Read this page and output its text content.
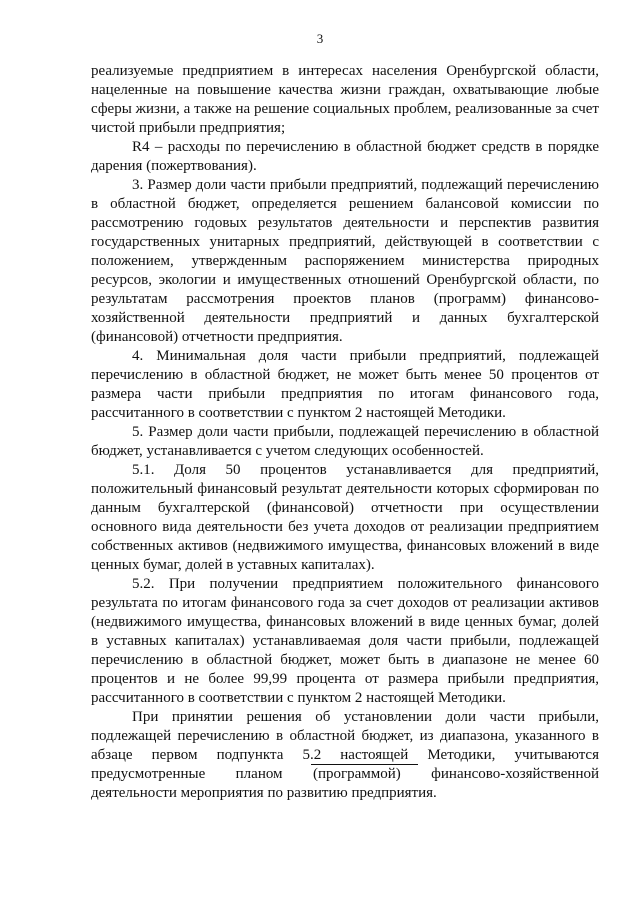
3

реализуемые предприятием в интересах населения Оренбургской области, нацеленные на повышение качества жизни граждан, охватывающие любые сферы жизни, а также на решение социальных проблем, реализованные за счет чистой прибыли предприятия;

R4 – расходы по перечислению в областной бюджет средств в порядке дарения (пожертвования).

3. Размер доли части прибыли предприятий, подлежащий перечислению в областной бюджет, определяется решением балансовой комиссии по рассмотрению годовых результатов деятельности и перспектив развития государственных унитарных предприятий, действующей в соответствии с положением, утвержденным распоряжением министерства природных ресурсов, экологии и имущественных отношений Оренбургской области, по результатам рассмотрения проектов планов (программ) финансово-хозяйственной деятельности предприятий и данных бухгалтерской (финансовой) отчетности предприятия.

4. Минимальная доля части прибыли предприятий, подлежащей перечислению в областной бюджет, не может быть менее 50 процентов от размера части прибыли предприятия по итогам финансового года, рассчитанного в соответствии с пунктом 2 настоящей Методики.

5. Размер доли части прибыли, подлежащей перечислению в областной бюджет, устанавливается с учетом следующих особенностей.

5.1. Доля 50 процентов устанавливается для предприятий, положительный финансовый результат деятельности которых сформирован по данным бухгалтерской (финансовой) отчетности при осуществлении основного вида деятельности без учета доходов от реализации предприятием собственных активов (недвижимого имущества, финансовых вложений в виде ценных бумаг, долей в уставных капиталах).

5.2. При получении предприятием положительного финансового результата по итогам финансового года за счет доходов от реализации активов (недвижимого имущества, финансовых вложений в виде ценных бумаг, долей в уставных капиталах) устанавливаемая доля части прибыли, подлежащей перечислению в областной бюджет, может быть в диапазоне не менее 60 процентов и не более 99,99 процента от размера прибыли предприятия, рассчитанного в соответствии с пунктом 2 настоящей Методики.

При принятии решения об установлении доли части прибыли, подлежащей перечислению в областной бюджет, из диапазона, указанного в абзаце первом подпункта 5.2 настоящей Методики, учитываются предусмотренные планом (программой) финансово-хозяйственной деятельности мероприятия по развитию предприятия.
